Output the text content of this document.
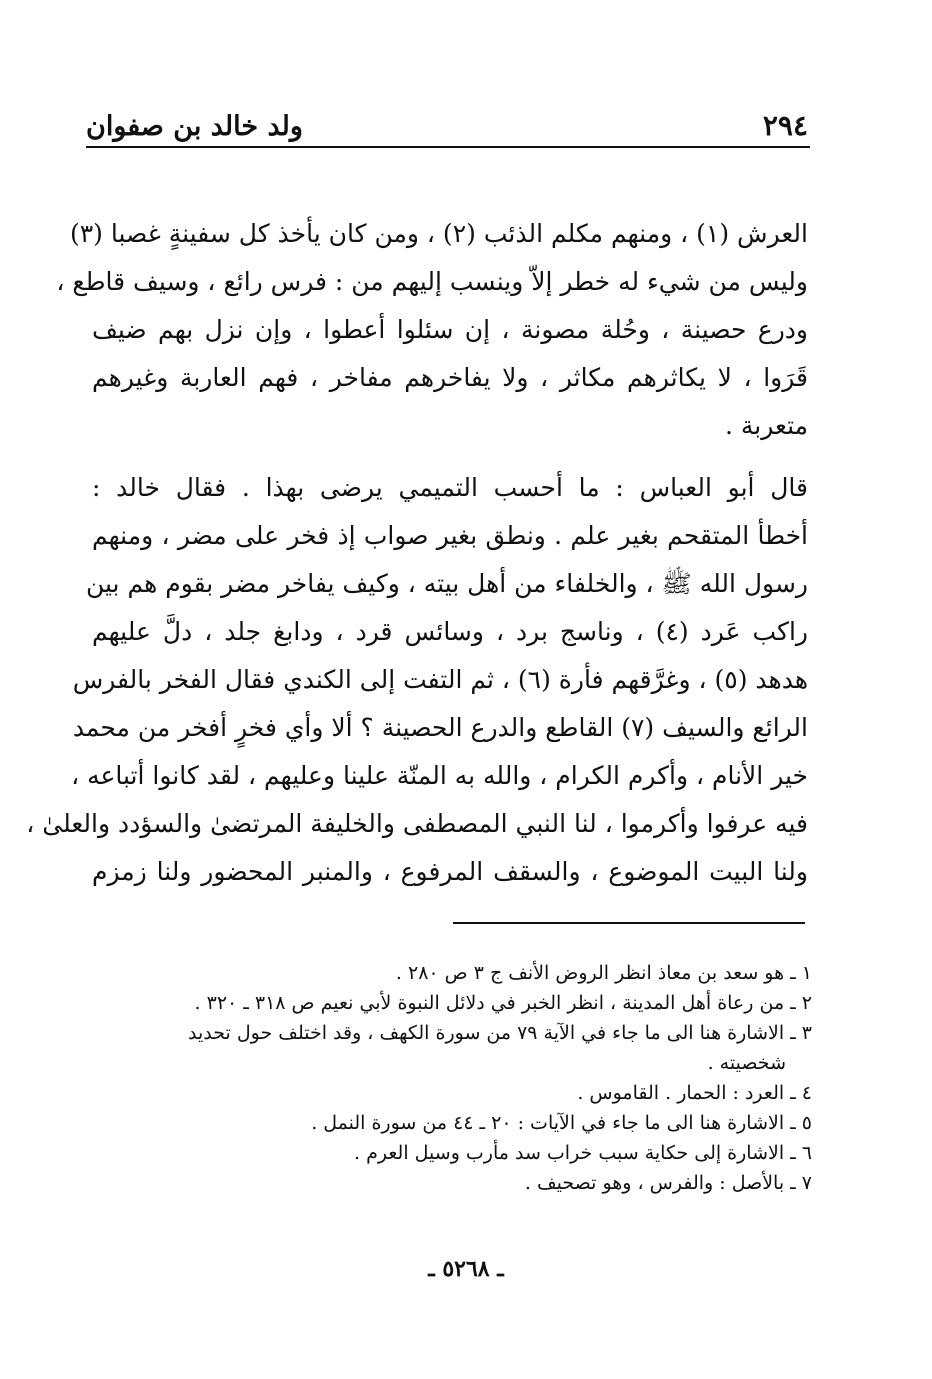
٢٩٤
ولد خالد بن صفوان
العرش (١) ، ومنهم مكلم الذئب (٢) ، ومن كان يأخذ كل سفينةٍ غصبا (٣)
وليس من شيء له خطر إلاّ وينسب إليهم من : فرس رائع ، وسيف قاطع ،
ودرع حصينة ، وحُلة مصونة ، إن سئلوا أعطوا ، وإن نزل بهم ضيف
قَرَوا ، لا يكاثرهم مكاثر ، ولا يفاخرهم مفاخر ، فهم العاربة وغيرهم
متعربة .
قال أبو العباس : ما أحسب التميمي يرضى بهذا . فقال خالد :
أخطأ المتقحم بغير علم . ونطق بغير صواب إذ فخر على مضر ، ومنهم
رسول الله ﷺ ، والخلفاء من أهل بيته ، وكيف يفاخر مضر بقوم هم بين
راكب عَرد (٤) ، وناسج برد ، وسائس قرد ، ودابغ جلد ، دلَّ عليهم
هدهد (٥) ، وغرَّقهم فأرة (٦) ، ثم التفت إلى الكندي فقال الفخر بالفرس
الرائع والسيف (٧) القاطع والدرع الحصينة ؟ ألا وأي فخرٍ أفخر من محمد
خير الأنام ، وأكرم الكرام ، والله به المنّة علينا وعليهم ، لقد كانوا أتباعه ،
فيه عرفوا وأكرموا ، لنا النبي المصطفى والخليفة المرتضىٰ والسؤدد والعلىٰ ،
ولنا البيت الموضوع ، والسقف المرفوع ، والمنبر المحضور ولنا زمزم
١ ـ هو سعد بن معاذ انظر الروض الأنف ج ٣ ص ٢٨٠ .
٢ ـ من رعاة أهل المدينة ، انظر الخبر في دلائل النبوة لأبي نعيم ص ٣١٨ ـ ٣٢٠ .
٣ ـ الاشارة هنا الى ما جاء في الآية ٧٩ من سورة الكهف ، وقد اختلف حول تحديد
شخصيته .
٤ ـ العرد : الحمار . القاموس .
٥ ـ الاشارة هنا الى ما جاء في الآيات : ٢٠ ـ ٤٤ من سورة النمل .
٦ ـ الاشارة إلى حكاية سبب خراب سد مأرب وسيل العرم .
٧ ـ بالأصل : والفرس ، وهو تصحيف .
ـ ٥٢٦٨ ـ
